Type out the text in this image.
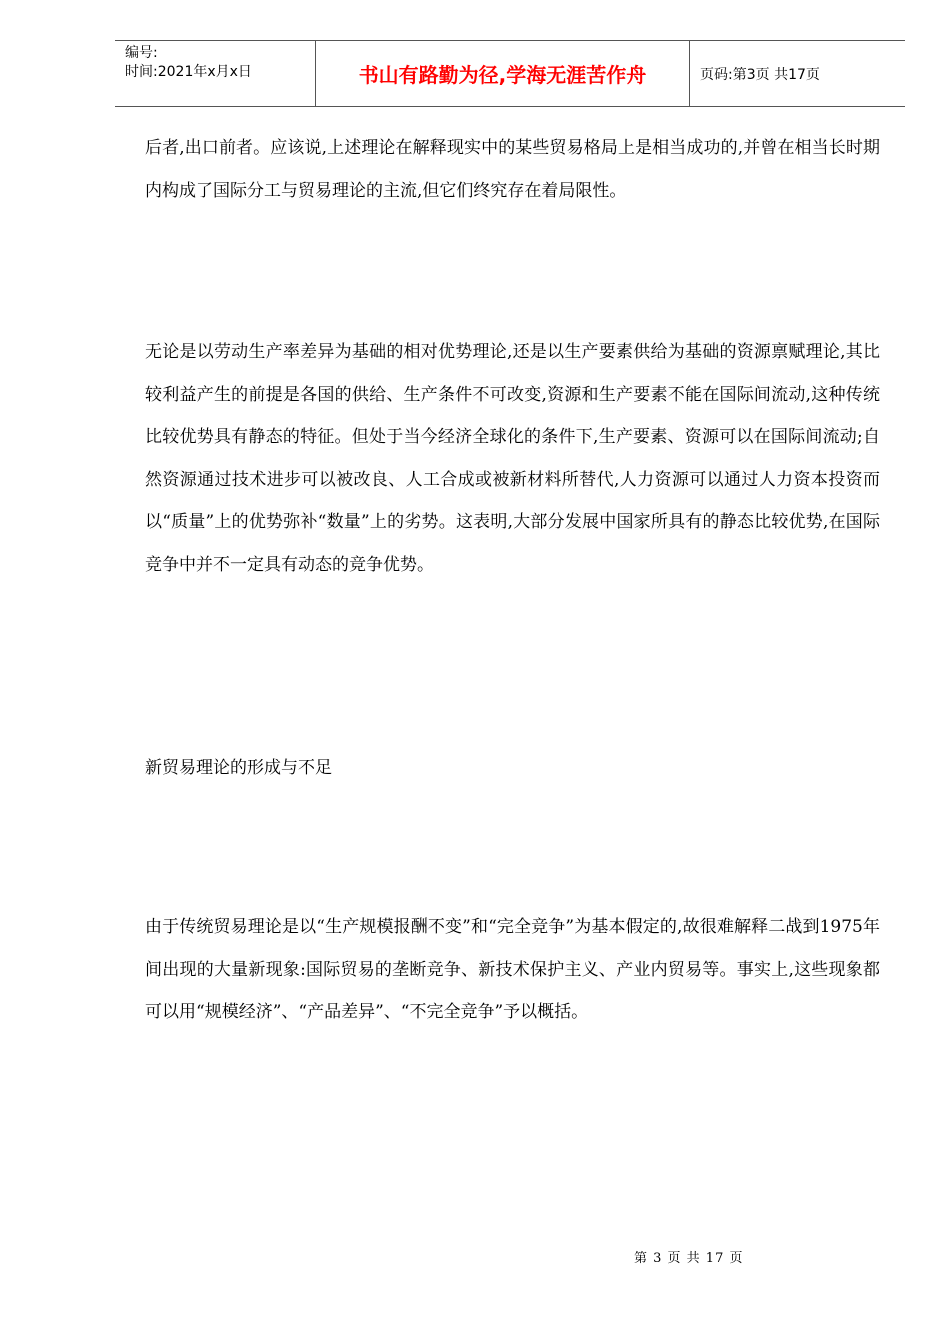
编号:
时间:2021年x月x日	书山有路勤为径,学海无涯苦作舟	页码:第3页 共17页

后者,出口前者。应该说,上述理论在解释现实中的某些贸易格局上是相当成功的,并曾在相当长时期内构成了国际分工与贸易理论的主流,但它们终究存在着局限性。

无论是以劳动生产率差异为基础的相对优势理论,还是以生产要素供给为基础的资源禀赋理论,其比较利益产生的前提是各国的供给、生产条件不可改变,资源和生产要素不能在国际间流动,这种传统比较优势具有静态的特征。但处于当今经济全球化的条件下,生产要素、资源可以在国际间流动;自然资源通过技术进步可以被改良、人工合成或被新材料所替代,人力资源可以通过人力资本投资而以“质量”上的优势弥补“数量”上的劣势。这表明,大部分发展中国家所具有的静态比较优势,在国际竞争中并不一定具有动态的竞争优势。

新贸易理论的形成与不足

由于传统贸易理论是以“生产规模报酬不变”和“完全竞争”为基本假定的,故很难解释二战到1975年间出现的大量新现象:国际贸易的垄断竞争、新技术保护主义、产业内贸易等。事实上,这些现象都可以用“规模经济”、“产品差异”、“不完全竞争”予以概括。

第 3 页 共 17 页
